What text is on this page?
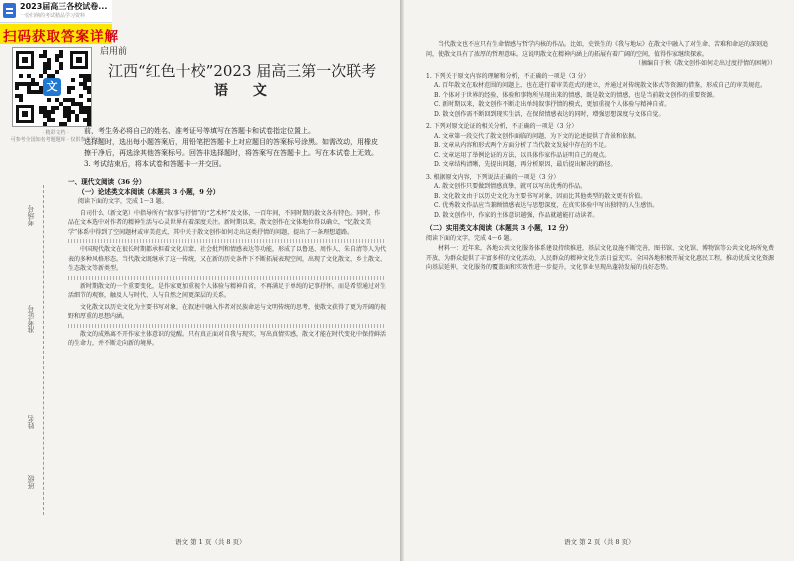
2023届高三各校试卷...
一份归纳的考试精品学习资料
扫码获取答案详解
文
· 精彩文档 ·
可参考全国知名考题题库 · 仅供参考学习
启用前
江西“红色十校”2023 届高三第一次联考
语 文
前，考生务必将自己的姓名、准考证号等填写在答题卡和试卷指定位置上。
选择题时，选出每小题答案后，用铅笔把答题卡上对应题目的答案标号涂黑。如需改动，用橡皮
擦干净后，再选涂其他答案标号。回答非选择题时，将答案写在答题卡上。写在本试卷上无效。
3. 考试结束后，将本试卷和答题卡一并交回。
考场号
准考证号
姓名
班级
一、现代文阅读（36 分）
（一）论述类文本阅读（本题共 3 小题，9 分）
阅读下面的文字，完成 1～3 题。

自司什么（新文笔）中指导所有“叙事与抒情”的“艺术杯”及文体，一百年间，不同时期的散文各有特色。同时，作品在文本选中对作者的精神生活与心灵世界有着深度关注。新时期以来，散文创作在文体地位得以确立，“忆散文美学”体系中得到了空间题材或审美范式，其中关于散文创作如何走出这类抒情的问题，提出了一条理想道路。

中国现代散文在很长时期都承担着文化启蒙、社会批判和情感表达等功能，形成了以鲁迅、周作人、朱自清等人为代表的多种风格形态。当代散文既继承了这一传统，又在新的历史条件下不断拓展表现空间，出现了文化散文、乡土散文、生态散文等新类型。

新时期散文的一个重要变化，是作家更加重视个人体验与精神自省，不再满足于单纯的记事抒怀，而是希望通过对生活细节的观察，触及人与时代、人与自然之间更深层的关系。

文化散文以历史文化为主要书写对象，在叙述中融入作者对民族命运与文明传统的思考，使散文获得了更为开阔的视野和厚重的思想内涵。

散文的成熟离不开作家主体意识的觉醒。只有真正面对自我与现实，写出真情实感，散文才能在时代变化中保持鲜活的生命力，并不断走向新的境界。

语文 第 1 页（共 8 页）

当代散文也不应只有生命情感与哲学内核的作品。比如，史铁生的《我与地坛》在散文中融入了对生命、苦难和命运的深刻追问，使散文具有了浓厚的哲理意味。这说明散文在精神内涵上的拓展有着广阔的空间，值得作家继续探索。

（摘编自于秋《散文创作如何走出过度抒情的困境》）

1. 下列关于原文内容的理解和分析，不正确的一项是（3 分）
A. 百年散文在取材范围的问题上，也在进行着审美范式的建立，并通过对传统散文体式等资源的借鉴，形成自己的审美规范。
B. 个体对于世界的经验，体验和事物所呈现出来的情感，既是散文的情感，也是当前散文创作的重要资源。
C. 新时期以来，散文创作不断走出单纯叙事抒情的模式，更加重视个人体验与精神自省。
D. 散文创作需不断回到现实生活，在保留情感表达的同时，增强思想深度与文体自觉。
2. 下列对原文论证的相关分析，不正确的一项是（3 分）
A. 文章第一段交代了散文创作面临的问题，为下文的论述提供了背景和依据。
B. 文章从内容和形式两个方面分析了当代散文发展中存在的不足。
C. 文章运用了举例论证的方法，以具体作家作品证明自己的观点。
D. 文章结构清晰，先提出问题，再分析原因，最后提出解决的路径。
3. 根据原文内容，下列说法正确的一项是（3 分）
A. 散文创作只要做到情感真挚，就可以写出优秀的作品。
B. 文化散文由于以历史文化为主要书写对象，因而比其他类型的散文更有价值。
C. 优秀散文作品应当兼顾情感表达与思想深度，在真实体验中写出独特的人生感悟。
D. 散文创作中，作家的主体意识越强，作品就越能打动读者。
（二）实用类文本阅读（本题共 3 小题，12 分）
阅读下面的文字，完成 4～6 题。

材料一：近年来，各地公共文化服务体系建设持续推进，基层文化设施不断完善，图书馆、文化馆、博物馆等公共文化场所免费开放，为群众提供了丰富多样的文化活动，人民群众的精神文化生活日益充实。全国各地积极开展文化惠民工程，推动优质文化资源向基层延伸，文化服务的覆盖面和实效性进一步提升，文化事业呈现出蓬勃发展的良好态势。

语文 第 2 页（共 8 页）
